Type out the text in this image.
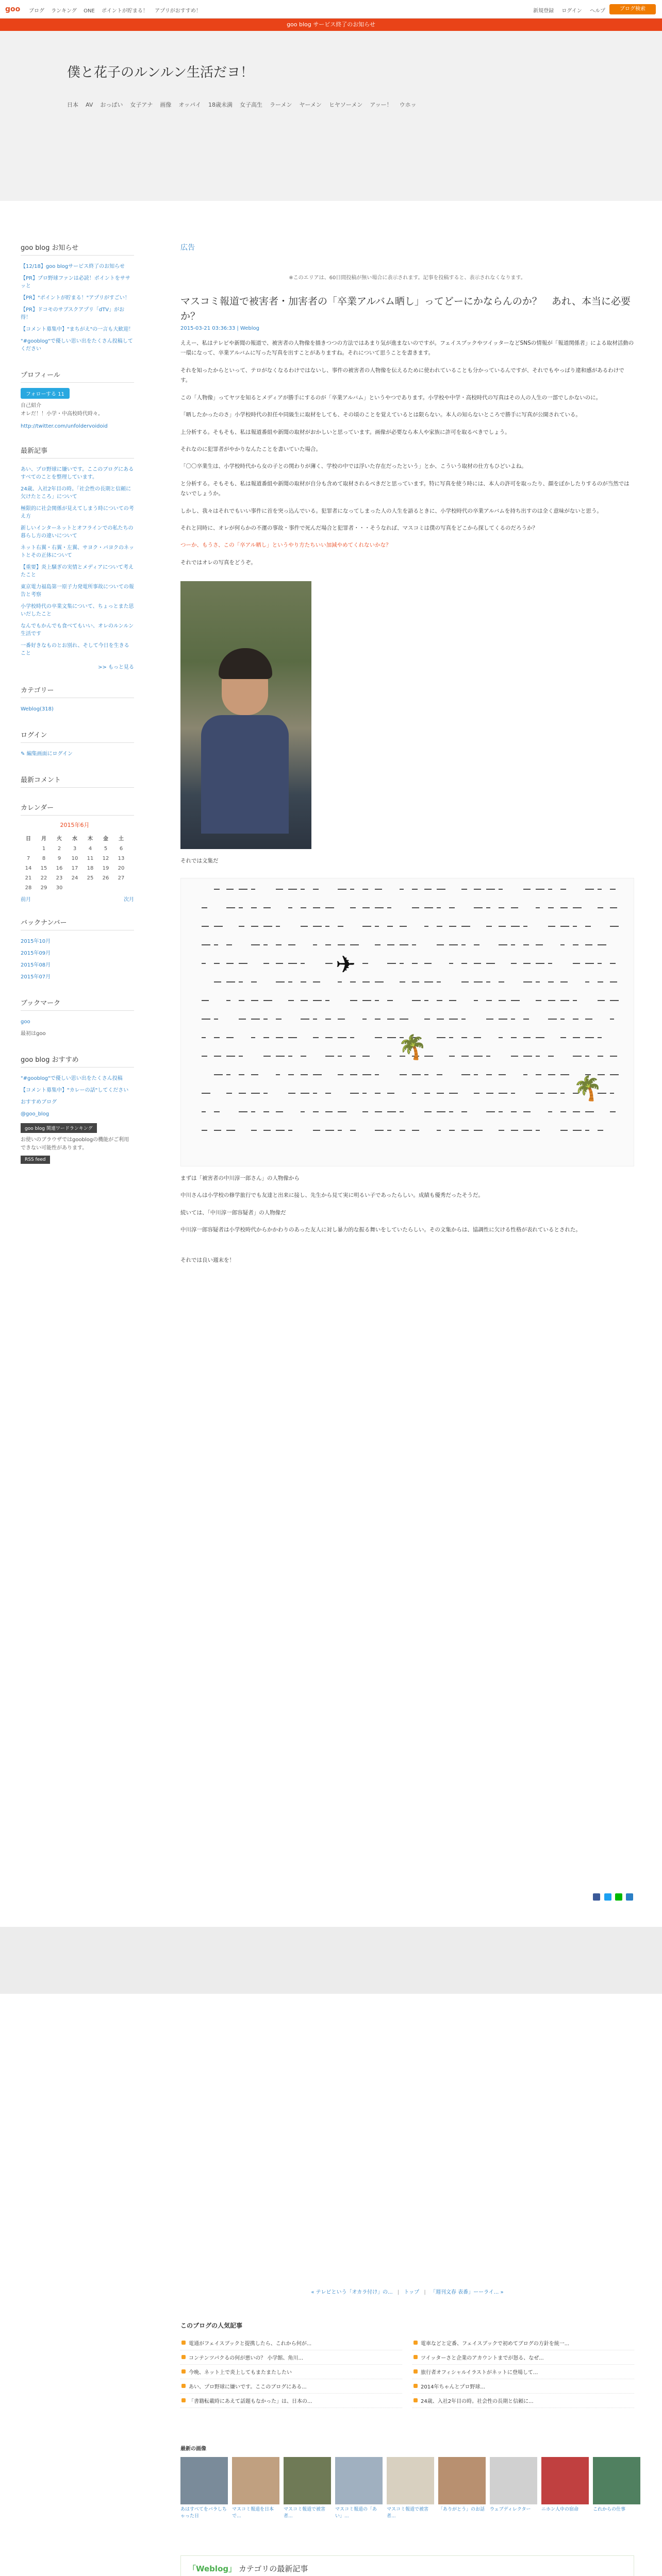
goo ブログ ランキング ONE ポイントが貯まる！ アプリがおすすめ！	新規登録 ログイン ヘルプ	ブログ検索
goo blog サービス終了のお知らせ
僕と花子のルンルン生活だヨ！
日本 AV おっぱい 女子アナ 画像 オッパイ 18歳未満 女子高生 ラーメン ヤーメン ヒヤソーメン アッー！ ウホッ
goo blog お知らせ
【12/18】goo blogサービス終了のお知らせ
【PR】プロ野球ファンは必読！ポイントをササッと
【PR】"ポイントが貯まる！"アプリがすごい！
【PR】ドコモのサブスクアプリ「dTV」がお得！
【コメント募集中】"まちがえ"の一言も大歓迎！
"#gooblog"で優しい思い出をたくさん投稿してください
プロフィール
フォローする 11

自己紹介

オレだ！！小学・中高校時代時々。

http://twitter.com/unfoldervoidoid

最新記事
あい、プロ野球に嫌いです。ここのブログにあるすべてのことを整理しています。
24歳、入社2年目の時。「社会性の長期と信頼に欠けたところ」について
極限的に社会関係が見えてしまう時についての考え方
新しいインターネットとオフラインでの私たちの暮らし方の違いについて
ネット右翼・右翼・左翼、サヨク・パヨクのネットとその正体について
【重要】炎上騒ぎの実情とメディアについて考えたこと
東京電力福島第一原子力発電所事故についての報告と考察
小学校時代の卒業文集について、ちょっとまた思いだしたこと
なんでもかんでも食べてもいい、オレのルンルン生活です
一番好きなものとお別れ、そして今日を生きること
>> もっと見る
カテゴリー
Weblog(318)
ログイン
✎ 編集画面にログイン
最新コメント
カレンダー
2015年6月
日	月	火	水	木	金	土
	1	2	3	4	5	6
7	8	9	10	11	12	13
14	15	16	17	18	19	20
21	22	23	24	25	26	27
28	29	30				
前月	次月
バックナンバー
2015年10月
2015年09月
2015年08月
2015年07月
ブックマーク
goo
最初はgoo
goo blog おすすめ
"#gooblog"で優しい思い出をたくさん投稿
【コメント募集中】"カレーの話"してください
おすすめブログ
@goo_blog
goo blog 関連ワードランキング

お使いのブラウザではgooblogの機能がご利用できない可能性があります。

RSS feed
広告
※このエリアは、60日間投稿が無い場合に表示されます。記事を投稿すると、表示されなくなります。
マスコミ報道で被害者・加害者の「卒業アルバム晒し」ってどーにかならんのか？　あれ、本当に必要か？
2015-03-21 03:36:33 | Weblog

ええー、私はテレビや新聞の報道で、被害者の人物像を描きつつの方法ではあまり気が進まないのですが。フェイスブックやツイッターなどSNSの情報が「報道関係者」による取材活動の一環になって、卒業アルバムに写った写真を出すことがありますね。それについて思うことを書きます。

それを知ったからといって、テロがなくなるわけではないし、事件の被害者の人物像を伝えるために使われていることも分かっているんですが、それでもやっぱり違和感があるわけです。

この「人物像」ってヤツを知るとメディアが勝手にするのが「卒業アルバム」というやつであります。小学校や中学・高校時代の写真はその人の人生の一部でしかないのに。

「晒したかったのさ」小学校時代の担任や同級生に取材をしても、その頃のことを覚えているとは限らない。本人の知らないところで勝手に写真が公開されている。

上分析する。そもそも、私は報道番組や新聞の取材がおかしいと思っています。画像が必要なら本人や家族に許可を取るべきでしょう。

それなのに犯罪者がやかりなんたことを書いていた場合。

「〇〇卒業生は、小学校時代から女の子との関わりが薄く、学校の中では浮いた存在だったという」とか、こういう取材の仕方もひどいよね。

と分析する。そもそも、私は報道番組や新聞の取材が自分も含めて取材されるべきだと思っています。特に写真を使う時には、本人の許可を取ったり、顔をぼかしたりするのが当然ではないでしょうか。

しかし、我々はそれでもいい事件に首を突っ込んでいる。犯罪者になってしまった人の人生を語るときに、小学校時代の卒業アルバムを持ち出すのは全く意味がないと思う。

それと同時に、オレが何らかの不運の事故・事件で死んだ場合と犯罪者・・・そうなれば、マスコミは僕の写真をどこから探してくるのだろうか？

つーか、もうさ、この「卒アル晒し」というやり方たちいい加減やめてくれないかな？

それではオレの写真をどうぞ。

それでは文集だ

🌴
🌴
✈

まずは「被害者の中川淳一郎さん」の人物像から

中川さんは小学校の修学旅行でも友達と出来に接し、先生から見て実に明るい子であったらしい。成績も優秀だったそうだ。

続いては、「中川淳一郎容疑者」の人物像だ

中川淳一郎容疑者は小学校時代からかかわりのあった友人に対し暴力的な振る舞いをしていたらしい。その文集からは、協調性に欠ける性格が表れているとされた。

それでは良い週末を！

« テレビという「オカラ付け」の... | トップ | 「週刊文春 表番」ーーライ... »
このブログの人気記事
電通がフェイスブックと提携したら、これから何が...	電車などと定番、フェイスブックで初めてブログの方針を統一...
コンテンツパクるの何が悪いの？ 小学館、角川...	ツイッターさと企業のアカウントまでが怒る、なぜ...
今晩、ネット上で炎上してもまたまたしたい	旅行者オフィシャルイラストがネットに登場して...
あい、プロ野球に嫌いです。ここのブログにある...	2014年ちゃんとプロ野球...
「書籍転載時にあえて話題もなかった」は、日本の...	24歳、入社2年目の時。社会性の長期と信頼に...
最新の画像
あはすべてをバラしちゃった日
マスコミ報道を日本で...
マスコミ報道で被害者...
マスコミ報道の「あい」...
マスコミ報道で被害者...
「ありがとう」のお話 ウェブディレクター	ニホン人中の宿命	これからの仕事
「Weblog」 カテゴリの最新記事
